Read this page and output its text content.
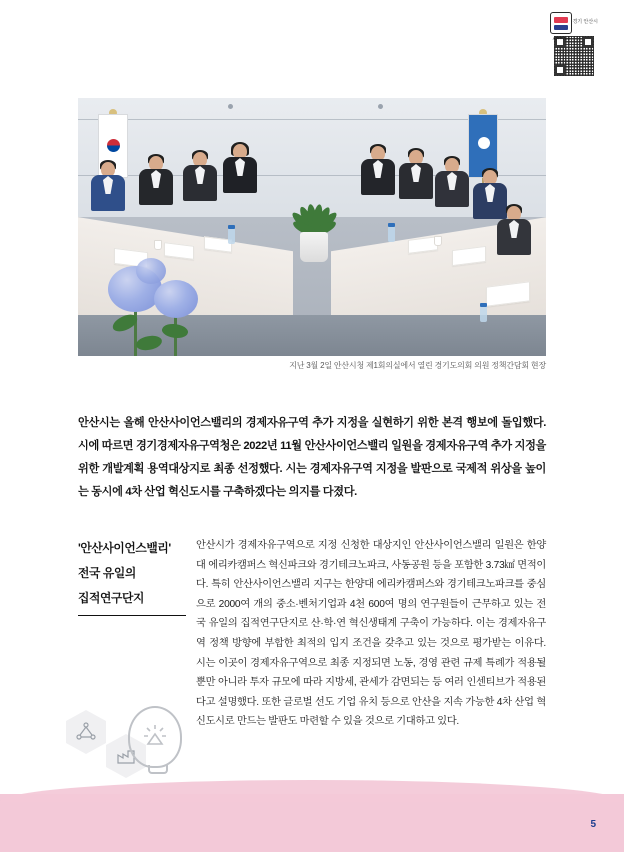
경기 안산시
지난 3월 2일 안산시청 제1회의실에서 열린 경기도의회 의원 정책간담회 현장
안산시는 올해 안산사이언스밸리의 경제자유구역 추가 지정을 실현하기 위한 본격 행보에 돌입했다. 시에 따르면 경기경제자유구역청은 2022년 11월 안산사이언스밸리 일원을 경제자유구역 추가 지정을 위한 개발계획 용역대상지로 최종 선정했다. 시는 경제자유구역 지정을 발판으로 국제적 위상을 높이는 동시에 4차 산업 혁신도시를 구축하겠다는 의지를 다졌다.
'안산사이언스밸리'
전국 유일의
집적연구단지
안산시가 경제자유구역으로 지정 신청한 대상지인 안산사이언스밸리 일원은 한양대 에리카캠퍼스 혁신파크와 경기테크노파크, 사동공원 등을 포함한 3.73㎢ 면적이다. 특히 안산사이언스밸리 지구는 한양대 에리카캠퍼스와 경기테크노파크를 중심으로 2000여 개의 중소·벤처기업과 4천 600여 명의 연구원들이 근무하고 있는 전국 유일의 집적연구단지로 산·학·연 혁신생태계 구축이 가능하다. 이는 경제자유구역 정책 방향에 부합한 최적의 입지 조건을 갖추고 있는 것으로 평가받는 이유다. 시는 이곳이 경제자유구역으로 최종 지정되면 노동, 경영 관련 규제 특례가 적용될 뿐만 아니라 투자 규모에 따라 지방세, 관세가 감면되는 등 여러 인센티브가 적용된다고 설명했다. 또한 글로벌 선도 기업 유치 등으로 안산을 지속 가능한 4차 산업 혁신도시로 만드는 발판도 마련할 수 있을 것으로 기대하고 있다.
5
